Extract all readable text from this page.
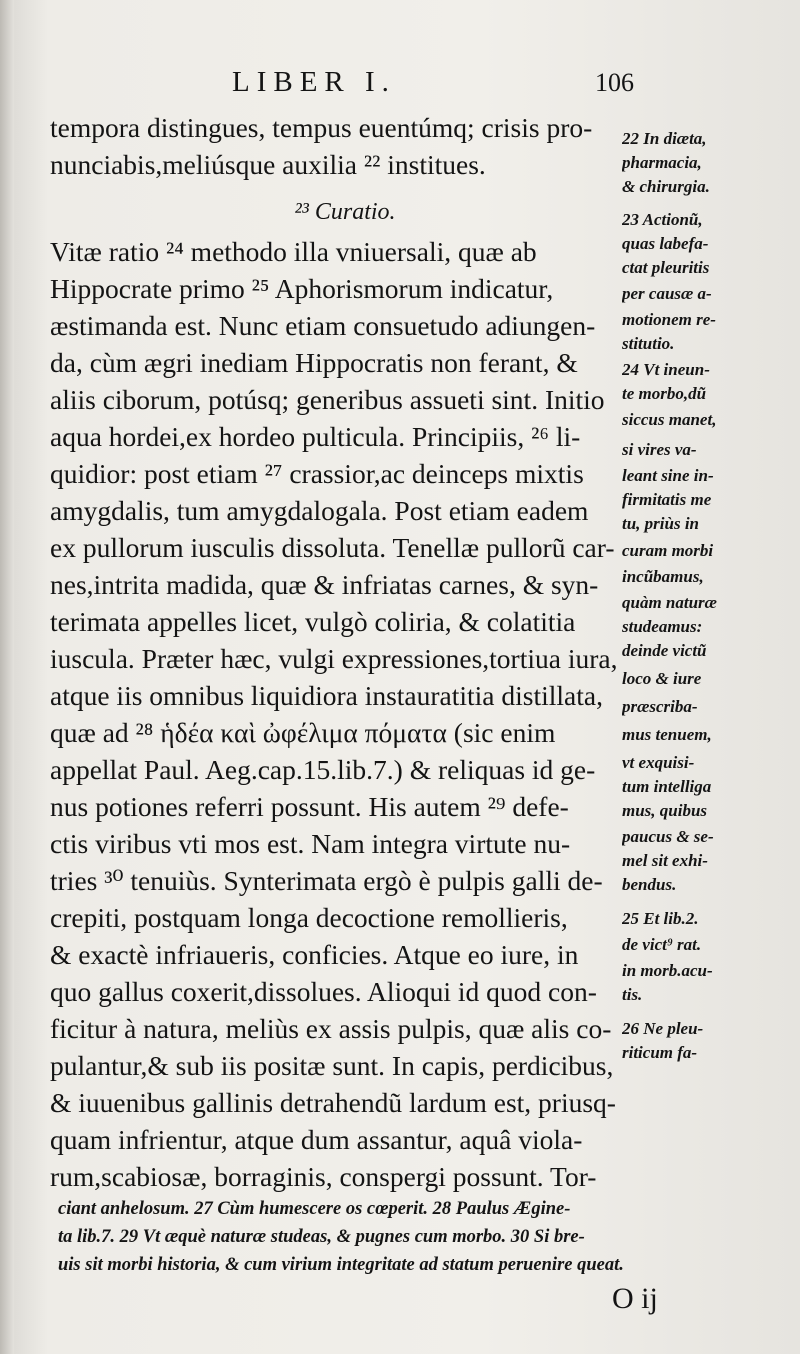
LIBER I.	106
tempora distingues, tempus euentúmq; crisis pro-
nunciabis,meliúsque auxilia ²² institues.
²³ Curatio.
Vitæ ratio ²⁴ methodo illa vniuersali, quæ ab
Hippocrate primo ²⁵ Aphorismorum indicatur,
æstimanda est. Nunc etiam consuetudo adiungen-
da, cùm ægri inediam Hippocratis non ferant, &
aliis ciborum, potúsq; generibus assueti sint. Initio
aqua hordei,ex hordeo pulticula. Principiis, ²⁶ li-
quidior: post etiam ²⁷ crassior,ac deinceps mixtis
amygdalis, tum amygdalogala. Post etiam eadem
ex pullorum iusculis dissoluta. Tenellæ pullorũ car-
nes,intrita madida, quæ & infriatas carnes, & syn-
terimata appelles licet, vulgò coliria, & colatitia
iuscula. Præter hæc, vulgi expressiones,tortiua iura,
atque iis omnibus liquidiora instauratitia distillata,
quæ ad ²⁸ ἡδέα καὶ ὠφέλιμα πόματα (sic enim
appellat Paul. Aeg.cap.15.lib.7.) & reliquas id ge-
nus potiones referri possunt. His autem ²⁹ defe-
ctis viribus vti mos est. Nam integra virtute nu-
tries ³⁰ tenuiùs. Synterimata ergò è pulpis galli de-
crepiti, postquam longa decoctione remollieris,
& exactè infriaueris, conficies. Atque eo iure, in
quo gallus coxerit,dissolues. Alioqui id quod con-
ficitur à natura, meliùs ex assis pulpis, quæ alis co-
pulantur,& sub iis positæ sunt. In capis, perdicibus,
& iuuenibus gallinis detrahendũ lardum est, priusq-
quam infrientur, atque dum assantur, aquâ viola-
rum,scabiosæ, borraginis, conspergi possunt. Tor-
22 In diæta,
pharmacia,
& chirurgia.
23 Actionũ,
quas labefa-
ctat pleuritis
per causæ a-
motionem re-
stitutio.
24 Vt ineun-
te morbo,dũ
siccus manet,
si vires va-
leant sine in-
firmitatis me
tu, priùs in
curam morbi
incũbamus,
quàm naturæ
studeamus:
deinde victũ
loco & iure
præscriba-
mus tenuem,
vt exquisi-
tum intelliga
mus, quibus
paucus & se-
mel sit exhi-
bendus.
25 Et lib.2.
de vict⁹ rat.
in morb.acu-
tis.
26 Ne pleu-
riticum fa-
ciant anhelosum. 27 Cùm humescere os cœperit. 28 Paulus Ægine-
ta lib.7. 29 Vt æquè naturæ studeas, & pugnes cum morbo. 30 Si bre-
uis sit morbi historia, & cum virium integritate ad statum peruenire queat.
O ij
